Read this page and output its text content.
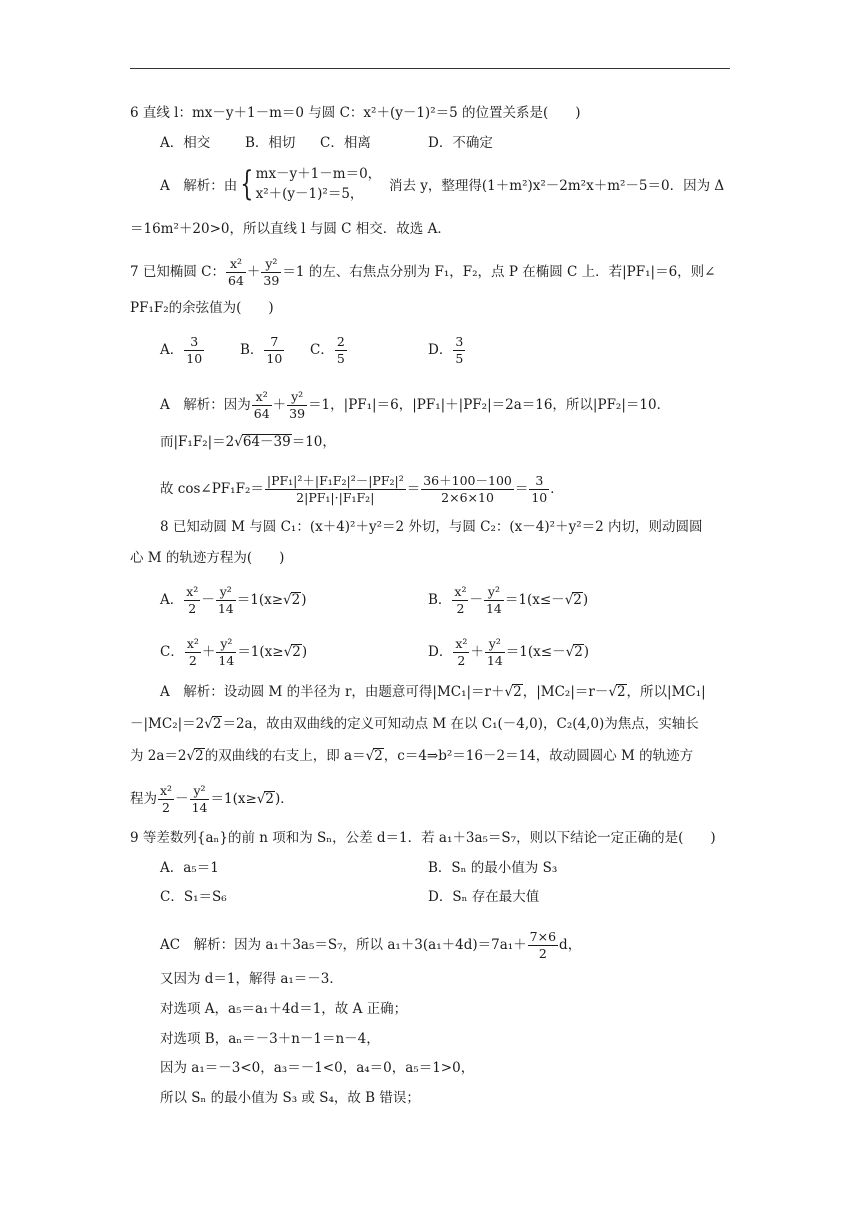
6 直线 l：mx－y＋1－m＝0 与圆 C：x²＋(y－1)²＝5 的位置关系是(　　)
A．相交	B．相切 C．相离	D．不确定
A　解析：由 { mx－y＋1－m＝0，
x²＋(y－1)²＝5，	消去 y，整理得(1＋m²)x²－2m²x＋m²－5＝0．因为 Δ
＝16m²＋20>0，所以直线 l 与圆 C 相交．故选 A．
7 已知椭圆 C： $\frac{\text{x²}}{64} + \frac{\text{y²}}{39} =1$ 的左、右焦点分别为 F₁，F₂，点 P 在椭圆 C 上．若|PF₁|＝6，则∠
PF₁F₂的余弦值为(　　)
A． $\frac{3}{10}$	B． $\frac{7}{10}$ C． $\frac{2}{5}$	D． $\frac{3}{5}$
A　解析：因为 $\frac{\text{x²}}{64} + \frac{\text{y²}}{39} =1$，|PF₁|＝6，|PF₁|＋|PF₂|＝2a＝16，所以|PF₂|＝10．
而|F₁F₂|＝2√64－39＝10，
故 cos∠PF₁F₂＝ $\frac{\text{|PF₁|²＋|F₁F₂|²－|PF₂|²}}{\text{2|PF₁|·|F₁F₂|}} = \frac{36+100-100}{2\times 6\times 10} = \frac{3}{10}$ ．
8 已知动圆 M 与圆 C₁：(x＋4)²＋y²＝2 外切，与圆 C₂：(x－4)²＋y²＝2 内切，则动圆圆
心 M 的轨迹方程为(　　)
A． $\frac{\text{x²}}{2} - \frac{\text{y²}}{14} =1(x\ge√2)$	B． $\frac{\text{x²}}{2} - \frac{\text{y²}}{14} =1(x\le-√2)$
C． $\frac{\text{x²}}{2} + \frac{\text{y²}}{14} =1(x\ge√2)$	D． $\frac{\text{x²}}{2} + \frac{\text{y²}}{14} =1(x\le-√2)$
A　解析：设动圆 M 的半径为 r，由题意可得|MC₁|＝r＋√2，|MC₂|＝r－√2，所以|MC₁|
－|MC₂|＝2√2＝2a，故由双曲线的定义可知动点 M 在以 C₁(－4,0)，C₂(4,0)为焦点，实轴长
为 2a＝2√2的双曲线的右支上，即 a＝√2，c＝4⇒b²＝16－2＝14，故动圆圆心 M 的轨迹方
程为 $\frac{\text{x²}}{2} - \frac{\text{y²}}{14} =1(x\ge√2)$．
9 等差数列{aₙ}的前 n 项和为 Sₙ，公差 d＝1．若 a₁＋3a₅＝S₇，则以下结论一定正确的是(　　)
A．a₅＝1	B．Sₙ 的最小值为 S₃
C．S₁＝S₆	D．Sₙ 存在最大值
AC　解析：因为 a₁＋3a₅＝S₇，所以 $a_1+3(a_1+4d)=7a_1+ \frac{7\times 6}{2}$ d，
又因为 d＝1，解得 a₁＝－3．
对选项 A，a₅＝a₁＋4d＝1，故 A 正确；
对选项 B，aₙ＝－3＋n－1＝n－4，
因为 a₁＝－3<0，a₃＝－1<0，a₄＝0，a₅＝1>0，
所以 Sₙ 的最小值为 S₃ 或 S₄，故 B 错误；
